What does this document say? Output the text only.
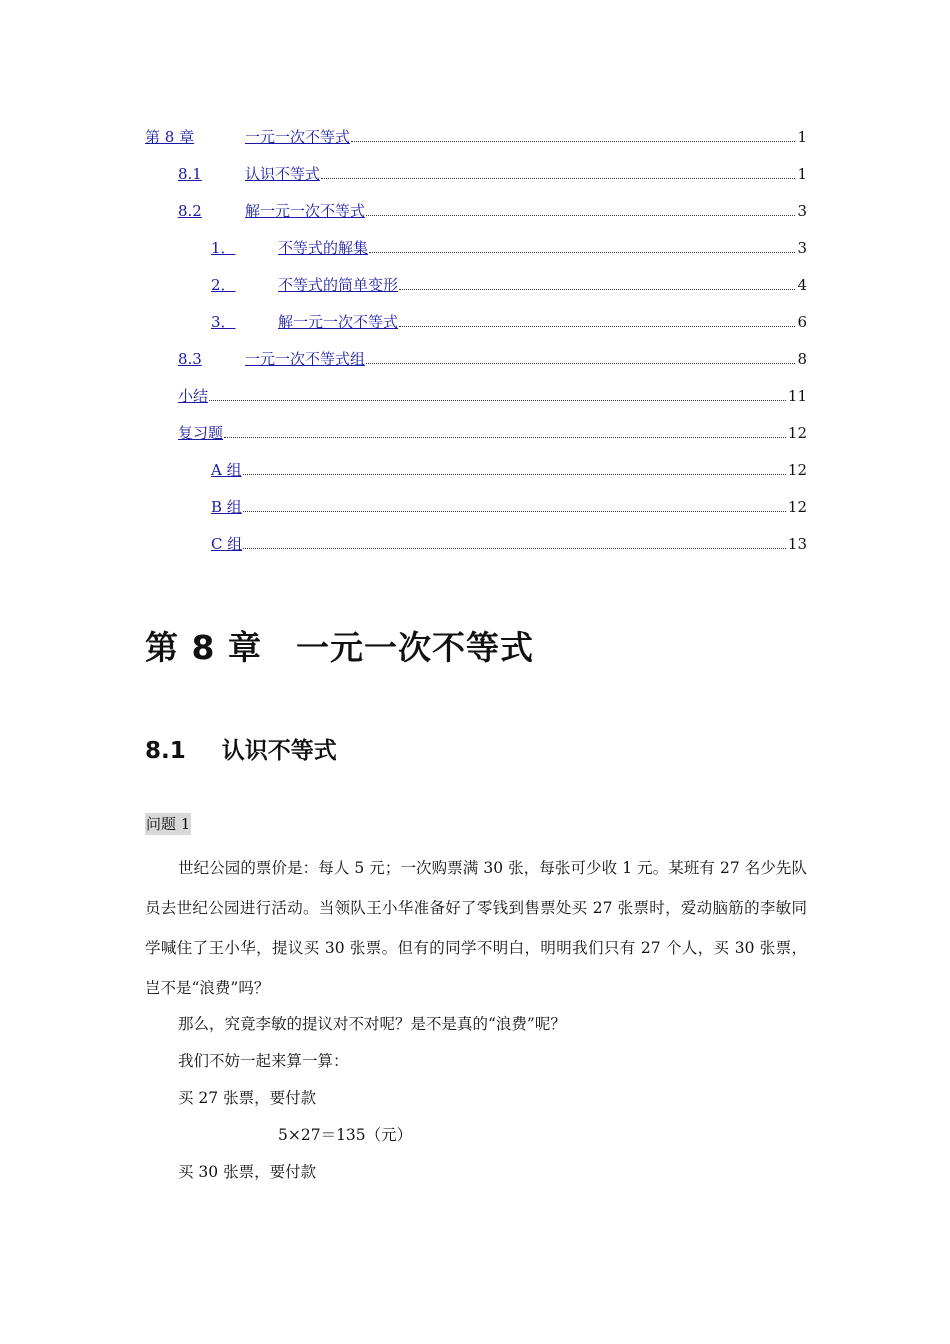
第 8 章	一元一次不等式	1
8.1	认识不等式	1
8.2	解一元一次不等式	3
1．	不等式的解集	3
2．	不等式的简单变形	4
3．	解一元一次不等式	6
8.3	一元一次不等式组	8
小结	11
复习题	12
A 组	12
B 组	12
C 组	13
第 8 章 一元一次不等式
8.1 认识不等式
问题 1

世纪公园的票价是：每人 5 元；一次购票满 30 张，每张可少收 1 元。某班有 27 名少先队员去世纪公园进行活动。当领队王小华准备好了零钱到售票处买 27 张票时，爱动脑筋的李敏同学喊住了王小华，提议买 30 张票。但有的同学不明白，明明我们只有 27 个人，买 30 张票，岂不是“浪费”吗？

那么，究竟李敏的提议对不对呢？是不是真的“浪费”呢？
我们不妨一起来算一算：
买 27 张票，要付款
5×27＝135（元）
买 30 张票，要付款
